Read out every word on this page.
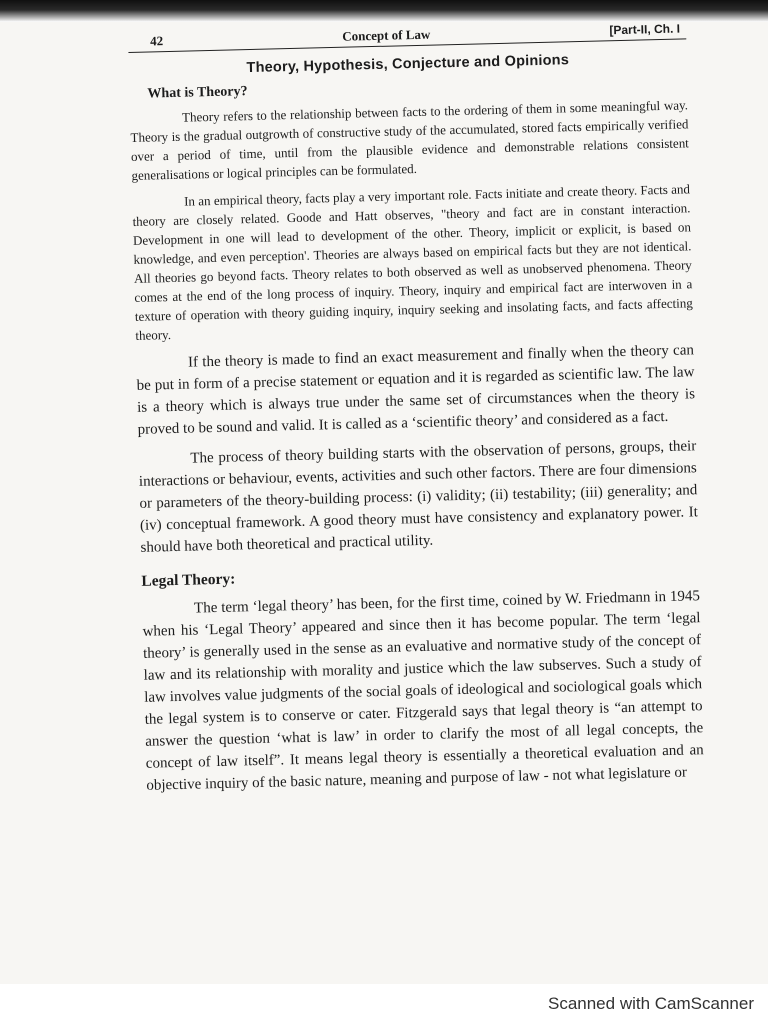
42	Concept of Law	[Part-II, Ch. I
Theory, Hypothesis, Conjecture and Opinions
What is Theory?

Theory refers to the relationship between facts to the ordering of them in some meaningful way. Theory is the gradual outgrowth of constructive study of the accumulated, stored facts empirically verified over a period of time, until from the plausible evidence and demonstrable relations consistent generalisations or logical principles can be formulated.

In an empirical theory, facts play a very important role. Facts initiate and create theory. Facts and theory are closely related. Goode and Hatt observes, "theory and fact are in constant interaction. Development in one will lead to development of the other. Theory, implicit or explicit, is based on knowledge, and even perception'. Theories are always based on empirical facts but they are not identical. All theories go beyond facts. Theory relates to both observed as well as unobserved phenomena. Theory comes at the end of the long process of inquiry. Theory, inquiry and empirical fact are interwoven in a texture of operation with theory guiding inquiry, inquiry seeking and insolating facts, and facts affecting theory.

If the theory is made to find an exact measurement and finally when the theory can be put in form of a precise statement or equation and it is regarded as scientific law. The law is a theory which is always true under the same set of circumstances when the theory is proved to be sound and valid. It is called as a ‘scientific theory’ and considered as a fact.

The process of theory building starts with the observation of persons, groups, their interactions or behaviour, events, activities and such other factors. There are four dimensions or parameters of the theory-building process: (i) validity; (ii) testability; (iii) generality; and (iv) conceptual framework. A good theory must have consistency and explanatory power. It should have both theoretical and practical utility.

Legal Theory:

The term ‘legal theory’ has been, for the first time, coined by W. Friedmann in 1945 when his ‘Legal Theory’ appeared and since then it has become popular. The term ‘legal theory’ is generally used in the sense as an evaluative and normative study of the concept of law and its relationship with morality and justice which the law subserves. Such a study of law involves value judgments of the social goals of ideological and sociological goals which the legal system is to conserve or cater. Fitzgerald says that legal theory is “an attempt to answer the question ‘what is law’ in order to clarify the most of all legal concepts, the concept of law itself”. It means legal theory is essentially a theoretical evaluation and an objective inquiry of the basic nature, meaning and purpose of law - not what legislature or

Scanned with CamScanner
